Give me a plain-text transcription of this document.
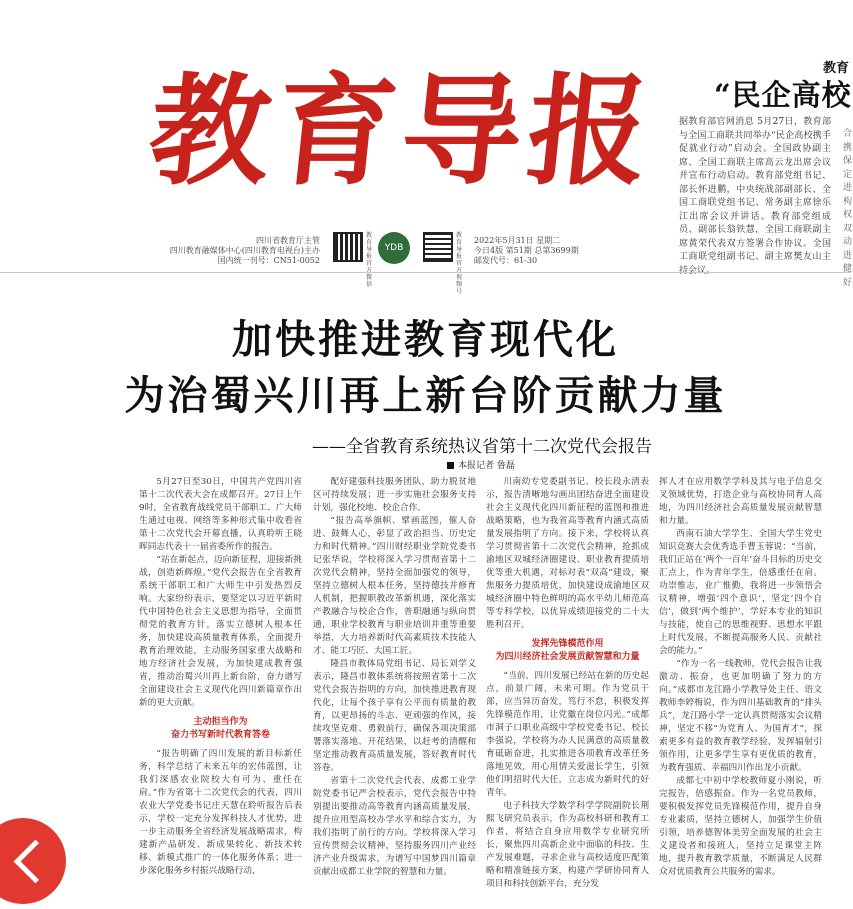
教育导报
四川省教育厅主管
四川教育融媒体中心(四川教育电视台)主办
国内统一刊号：CN51-0052
教育导报官方微信
YDB
教育导报官方视频号
2022年5月31日 星期二
今日4版 第51期 总第3699期
邮发代号：61-30
教育
“民企高校
据教育部官网消息 5月27日，教育部与全国工商联共同举办“民企高校携手促就业行动”启动会。全国政协副主席、全国工商联主席高云龙出席会议并宣布行动启动。教育部党组书记、部长怀进鹏，中央统战部副部长、全国工商联党组书记、常务副主席徐乐江出席会议并讲话。教育部党组成员、副部长翁铁慧，全国工商联副主席黄荣代表双方签署合作协议。全国工商联党组副书记、副主席樊友山主持会议。
合
携
保
定
进
构
权
双
动
进
健
好
加快推进教育现代化
为治蜀兴川再上新台阶贡献力量
——全省教育系统热议省第十二次党代会报告
本报记者 鲁磊

5月27日至30日，中国共产党四川省第十二次代表大会在成都召开。27日上午9时，全省教育战线党员干部职工、广大师生通过电视、网络等多种形式集中收看省第十二次党代会开幕直播，认真聆听王晓晖同志代表十一届省委所作的报告。

“站在新起点，迈向新征程，迎接新挑战，创造新辉煌。”党代会报告在全省教育系统干部职工和广大师生中引发热烈反响。大家纷纷表示，要坚定以习近平新时代中国特色社会主义思想为指导，全面贯彻党的教育方针，落实立德树人根本任务，加快建设高质量教育体系，全面提升教育治理效能，主动服务国家重大战略和地方经济社会发展，为加快建成教育强省，推动治蜀兴川再上新台阶，奋力谱写全面建设社会主义现代化四川新篇章作出新的更大贡献。

主动担当作为
奋力书写新时代教育答卷

“报告明确了四川发展的新目标新任务，科学总结了未来五年的宏伟蓝图，让我们深感农业院校大有可为、重任在肩。”作为省第十二次党代会的代表，四川农业大学党委书记庄天慧在聆听报告后表示，学校一定充分发挥科技人才优势，进一步主动服务全省经济发展战略需求，构建新产品研发、新成果转化、新技术转移、新模式推广的一体化服务体系；进一步深化服务乡村振兴战略行动，

配好建强科技服务团队，助力脱贫地区可持续发展；进一步实施社会服务支持计划，强化校地、校企合作。

“报告高举旗帜、擘画蓝图，催人奋进、鼓舞人心，彰显了政治担当、历史定力和时代精神。”四川财经职业学院党委书记张华说，学校将深入学习贯彻省第十二次党代会精神，坚持全面加强党的领导，坚持立德树人根本任务，坚持德技并修育人机制，把握职教改革新机遇，深化落实产教融合与校企合作，普职融通与纵向贯通，职业学校教育与职业培训并重等重要举措，大力培养新时代高素质技术技能人才、能工巧匠、大国工匠。

隆昌市教体局党组书记、局长刘学义表示，隆昌市教体系统将按照省第十二次党代会报告指明的方向，加快推进教育现代化，让每个孩子享有公平而有质量的教育，以更昂扬的斗志、更顽强的作风，接续攻坚克难、勇毅前行，确保各项决策部署落实落地、开花结果，以赶考的清醒和坚定推动教育高质量发展，答好教育时代答卷。

省第十二次党代会代表、成都工业学院党委书记严会校表示，党代会报告中特别提出要推动高等教育内涵高质量发展，提升应用型高校办学水平和综合实力，为我们指明了前行的方向。学校将深入学习宣传贯彻会议精神，坚持服务四川产业经济产业升级需求，为谱写中国梦四川篇章贡献出成都工业学院的智慧和力量。

川南幼专党委副书记、校长段永清表示，报告清晰地勾画出团结奋进全面建设社会主义现代化四川新征程的蓝图和推进战略策略，也为我省高等教育内涵式高质量发展指明了方向。接下来，学校将认真学习贯彻省第十二次党代会精神，抢抓成渝地区双城经济圈建设、职业教育提质培优等重大机遇，对标对表“双高”建设，聚焦服务力提质培优，加快建设成渝地区双城经济圈中特色鲜明的高水平幼儿师范高等专科学校，以优异成绩迎接党的二十大胜利召开。

发挥先锋模范作用
为四川经济社会发展贡献智慧和力量

“当前，四川发展已经站在新的历史起点，前景广阔，未来可期。作为党员干部，应当异历奋发，笃行不怠，积极发挥先锋模范作用，让党徽在岗位闪光。”成都市洞子口职业高级中学校党委书记、校长李强说，学校将为办人民满意的高质量教育砥砺奋进，扎实推进各项教育改革任务落地见效，用心用情关爱滋长学生，引领他们明招时代大任，立志成为新时代的好青年。

电子科技大学数学科学学院副院长荆熙飞研究员表示，作为高校科研和教育工作者，将结合自身应用数学专业研究所长，聚焦四川高新企业中面临的科技、生产发展难题，寻求企业与高校适度匹配策略和精准链接方案，构建产学研协同育人项目和科技创新平台，充分发

挥人才在应用数学学科及其与电子信息交叉领域优势，打造企业与高校协同育人高地，为四川经济社会高质量发展贡献智慧和力量。

西南石油大学学生、全国大学生党史知识竞赛大会优秀选手曹玉蓉说：“当前，我们正站在‘两个一百年’奋斗目标的历史交汇点上，作为青年学生，倍感重任在肩。功崇惟志，业广惟勤，我将进一步领悟会议精神，增强‘四个意识’，坚定‘四个自信’，做到‘两个维护’，学好本专业的知识与技能，使自己的思维视野、思想水平跟上时代发展，不断提高服务人民、贡献社会的能力。”

“作为一名一线教师，党代会报告让我激动、振奋，也更加明确了努力的方向。”成都市龙江路小学教导处主任、语文教师李婷梅说，作为四川基础教育的“排头兵”，龙江路小学一定认真贯彻落实会议精神，坚定不移“为党育人、为国育才”，探索更多有益的教育教学经验，发挥辐射引领作用，让更多学生享有更优质的教育，为教育强质、幸福四川作出龙小贡献。

成都七中初中学校教师夏小刚说，听完报告，倍感振奋。作为一名党员教师，要积极发挥党员先锋模范作用，提升自身专业素质，坚持立德树人，加强学生价值引领，培养德智体美劳全面发展的社会主义建设者和接班人，坚持立足课堂主阵地，提升教育教学质量，不断满足人民群众对优质教育公共服务的需求。
